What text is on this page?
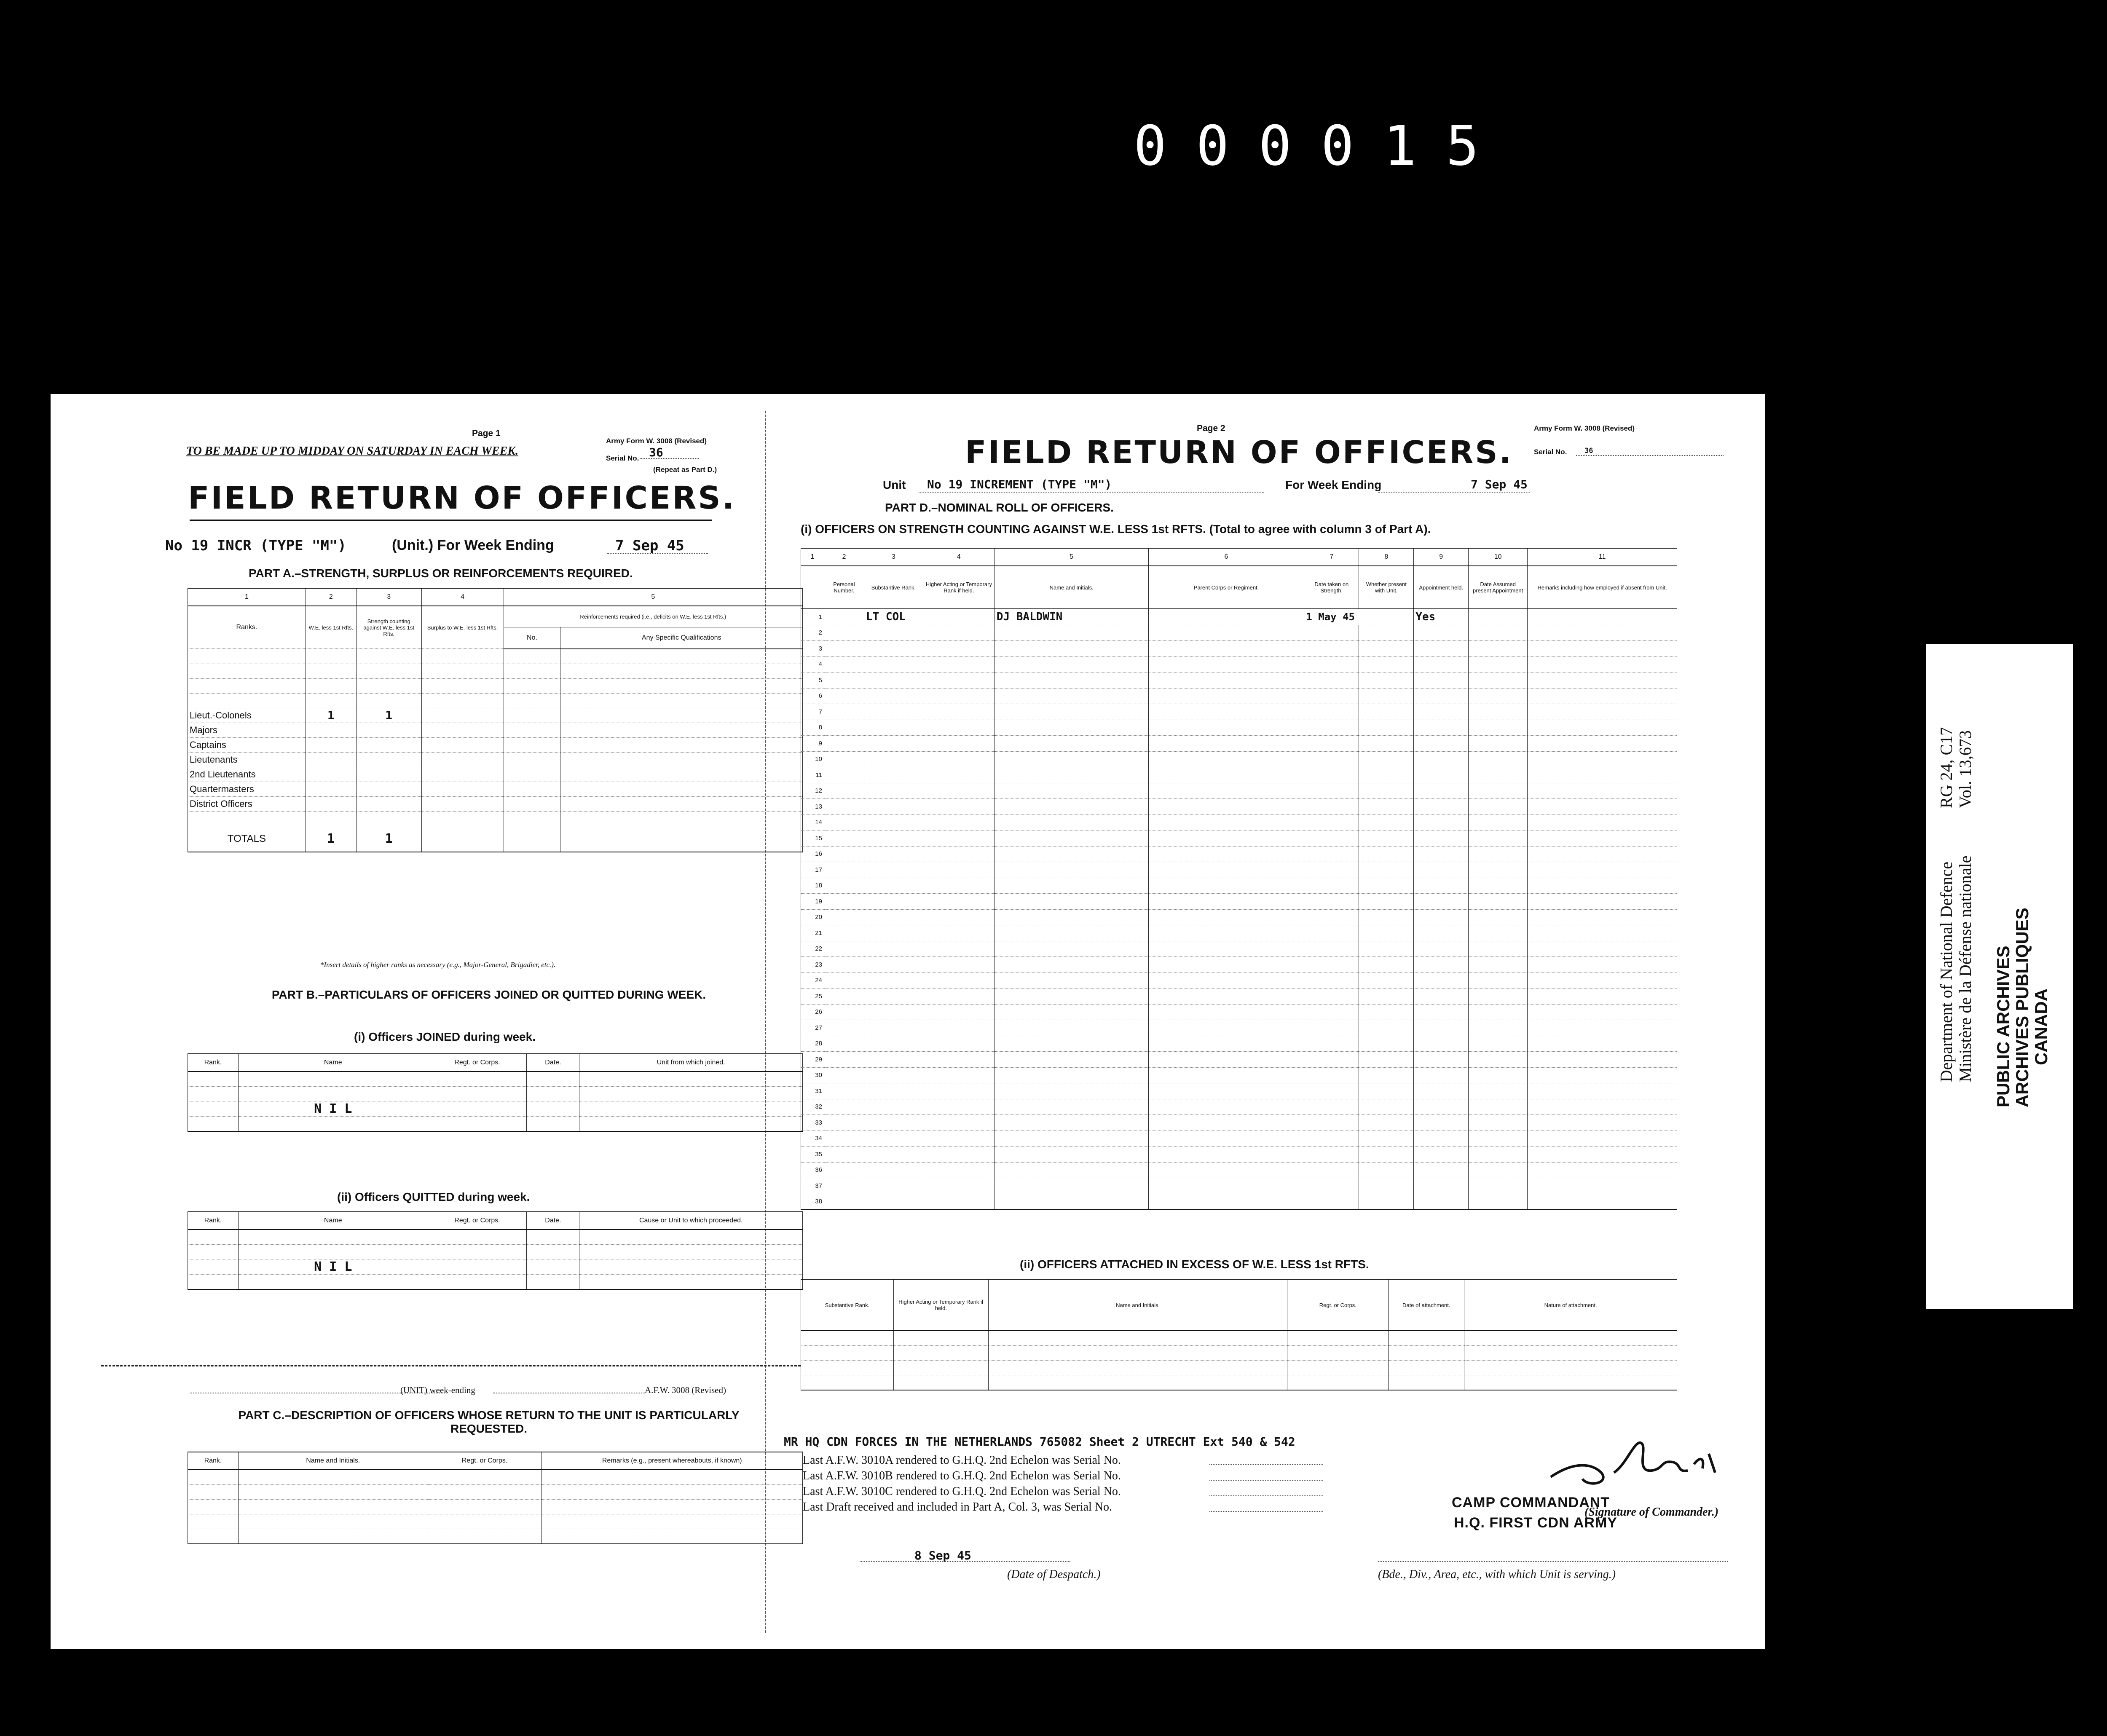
000015
Page 1
TO BE MADE UP TO MIDDAY ON SATURDAY IN EACH WEEK.
Army Form W. 3008 (Revised)
Serial No. 36
(Repeat as Part D.)
FIELD RETURN OF OFFICERS.
No 19 INCR (TYPE "M")	(Unit.) For Week Ending	7 Sep 45
PART A.–STRENGTH, SURPLUS OR REINFORCEMENTS REQUIRED.
1	2	3	4	5	
Ranks.	W.E. less 1st Rfts.	Strength counting against W.E. less 1st Rfts.	Surplus to W.E. less 1st Rfts.	Reinforcements required (i.e., deficits on W.E. less 1st Rfts.)	
				No.	Any Specific Qualifications

Lieut.-Colonels	1	1			
Majors					
Captains					
Lieutenants					
2nd Lieutenants					
Quartermasters					
District Officers					

TOTALS	1	1			
*Insert details of higher ranks as necessary (e.g., Major-General, Brigadier, etc.).
PART B.–PARTICULARS OF OFFICERS JOINED OR QUITTED DURING WEEK.
(i) Officers JOINED during week.
Rank.	Name	Regt. or Corps.	Date.	Unit from which joined.

	N I L			

(ii) Officers QUITTED during week.
Rank.	Name	Regt. or Corps.	Date.	Cause or Unit to which proceeded.

	N I L			

(UNIT) week-ending	A.F.W. 3008 (Revised)
PART C.–DESCRIPTION OF OFFICERS WHOSE RETURN TO THE UNIT IS PARTICULARLY REQUESTED.
Rank.	Name and Initials.	Regt. or Corps.	Remarks (e.g., present whereabouts, if known)

Page 2	Army Form W. 3008 (Revised)
FIELD RETURN OF OFFICERS.	Serial No. 36
Unit No 19 INCREMENT (TYPE "M")	For Week Ending	7 Sep 45
PART D.–NOMINAL ROLL OF OFFICERS.
(i) OFFICERS ON STRENGTH COUNTING AGAINST W.E. LESS 1st RFTS. (Total to agree with column 3 of Part A).
1	2	3	4	5	6	7	8	9	10	11
	Personal Number.	Substantive Rank.	Higher Acting or Temporary Rank if held.	Name and Initials.	Parent Corps or Regiment.	Date taken on Strength.	Whether present with Unit.	Appointment held.	Date Assumed present Appointment	Remarks including how employed if absent from Unit.
1		LT COL		DJ BALDWIN		1 May 45		Yes		
2										
3										
4										
5										
6										
7										
8										
9										
10										
11										
12										
13										
14										
15										
16										
17										
18										
19										
20										
21										
22										
23										
24										
25										
26										
27										
28										
29										
30										
31										
32										
33										
34										
35										
36										
37										
38										
(ii) OFFICERS ATTACHED IN EXCESS OF W.E. LESS 1st RFTS.
Substantive Rank.	Higher Acting or Temporary Rank if held.	Name and Initials.	Regt. or Corps.	Date of attachment.	Nature of attachment.

MR HQ CDN FORCES IN THE NETHERLANDS 765082 Sheet 2 UTRECHT Ext 540 & 542
Last A.F.W. 3010A rendered to G.H.Q. 2nd Echelon was Serial No.
Last A.F.W. 3010B rendered to G.H.Q. 2nd Echelon was Serial No.
Last A.F.W. 3010C rendered to G.H.Q. 2nd Echelon was Serial No.
Last Draft received and included in Part A, Col. 3, was Serial No.	(Signature of Commander.)
CAMP COMMANDANT
H.Q. FIRST CDN ARMY
8 Sep 45
(Date of Despatch.)	(Bde., Div., Area, etc., with which Unit is serving.)
Department of National Defence Ministère de la Défense nationale
RG 24, C17 Vol. 13,673
PUBLIC ARCHIVES
ARCHIVES PUBLIQUES
CANADA
